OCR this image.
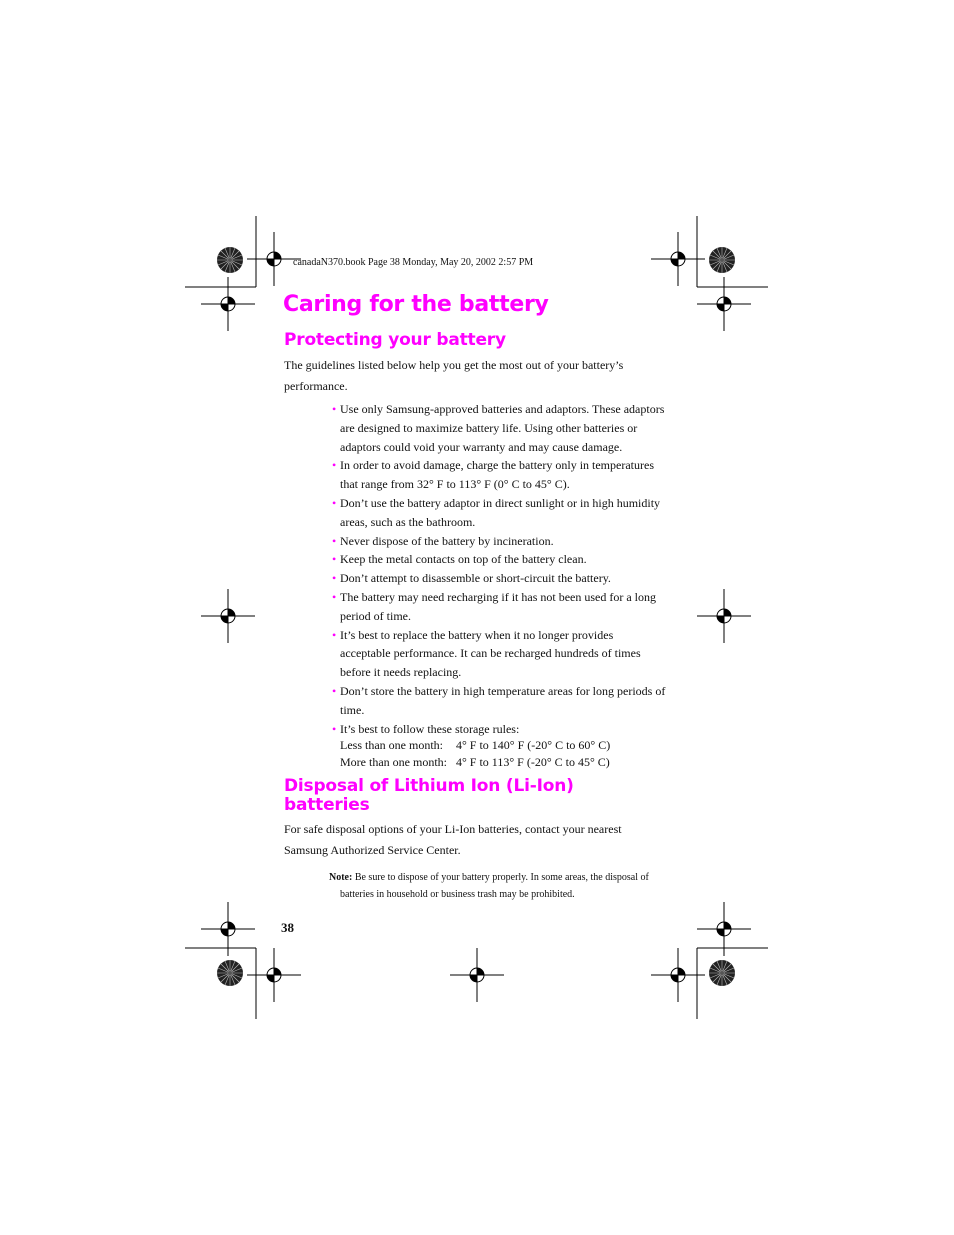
canadaN370.book Page 38 Monday, May 20, 2002 2:57 PM
Caring for the battery
Protecting your battery
The guidelines listed below help you get the most out of your battery’s
performance.
• Use only Samsung-approved batteries and adaptors. These adaptors are designed to maximize battery life. Using other batteries or adaptors could void your warranty and may cause damage.
• In order to avoid damage, charge the battery only in temperatures that range from 32° F to 113° F (0° C to 45° C).
• Don’t use the battery adaptor in direct sunlight or in high humidity areas, such as the bathroom.
• Never dispose of the battery by incineration.
• Keep the metal contacts on top of the battery clean.
• Don’t attempt to disassemble or short-circuit the battery.
• The battery may need recharging if it has not been used for a long period of time.
• It’s best to replace the battery when it no longer provides acceptable performance. It can be recharged hundreds of times before it needs replacing.
• Don’t store the battery in high temperature areas for long periods of time.
• It’s best to follow these storage rules:
Less than one month: 4° F to 140° F (-20° C to 60° C)
More than one month: 4° F to 113° F (-20° C to 45° C)
Disposal of Lithium Ion (Li-Ion)
batteries
For safe disposal options of your Li-Ion batteries, contact your nearest
Samsung Authorized Service Center.
Note: Be sure to dispose of your battery properly. In some areas, the disposal of batteries in household or business trash may be prohibited.
38
